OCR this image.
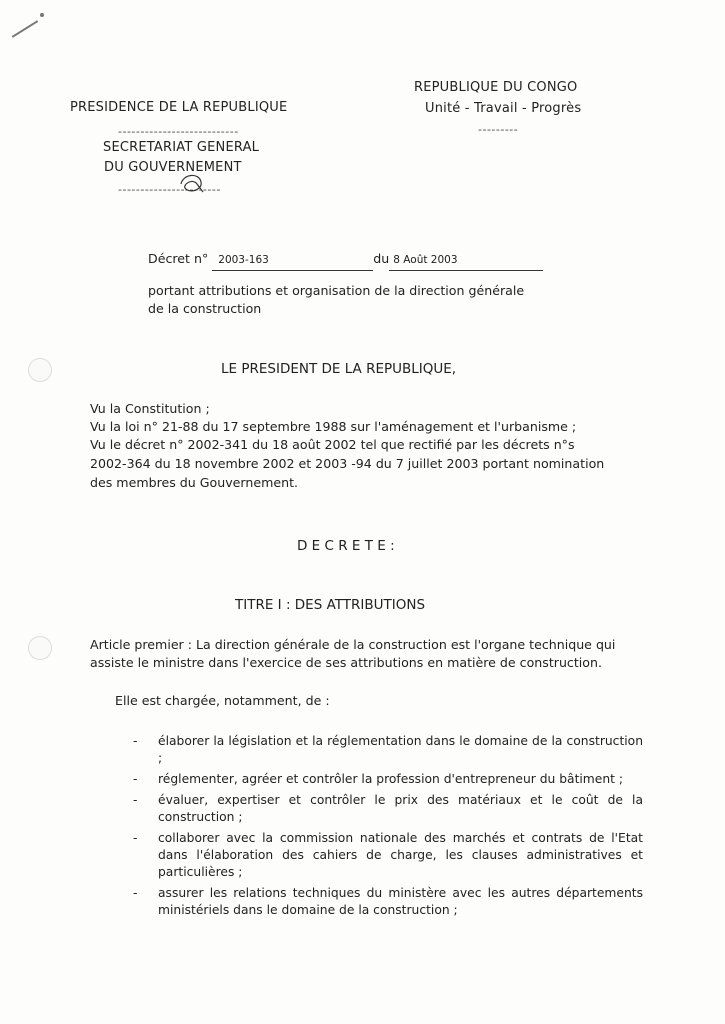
PRESIDENCE DE LA REPUBLIQUE
---------------------------
SECRETARIAT GENERAL
DU GOUVERNEMENT
-----------------------
REPUBLIQUE DU CONGO
Unité - Travail - Progrès
---------
Décret n° 2003-163	du 8 Août 2003
portant attributions et organisation de la direction générale
de la construction
LE PRESIDENT DE LA REPUBLIQUE,
Vu la Constitution ;
Vu la loi n° 21-88 du 17 septembre 1988 sur l'aménagement et l'urbanisme ;
Vu le décret n° 2002-341 du 18 août 2002 tel que rectifié par les décrets n°s
2002-364 du 18 novembre 2002 et 2003 -94 du 7 juillet 2003 portant nomination
des membres du Gouvernement.
D E C R E T E :
TITRE I : DES ATTRIBUTIONS
Article premier : La direction générale de la construction est l'organe technique qui
assiste le ministre dans l'exercice de ses attributions en matière de construction.
Elle est chargée, notamment, de :
- élaborer la législation et la réglementation dans le domaine de la construction ;
- réglementer, agréer et contrôler la profession d'entrepreneur du bâtiment ;
- évaluer, expertiser et contrôler le prix des matériaux et le coût de la construction ;
- collaborer avec la commission nationale des marchés et contrats de l'Etat dans l'élaboration des cahiers de charge, les clauses administratives et particulières ;
- assurer les relations techniques du ministère avec les autres départements ministériels dans le domaine de la construction ;
